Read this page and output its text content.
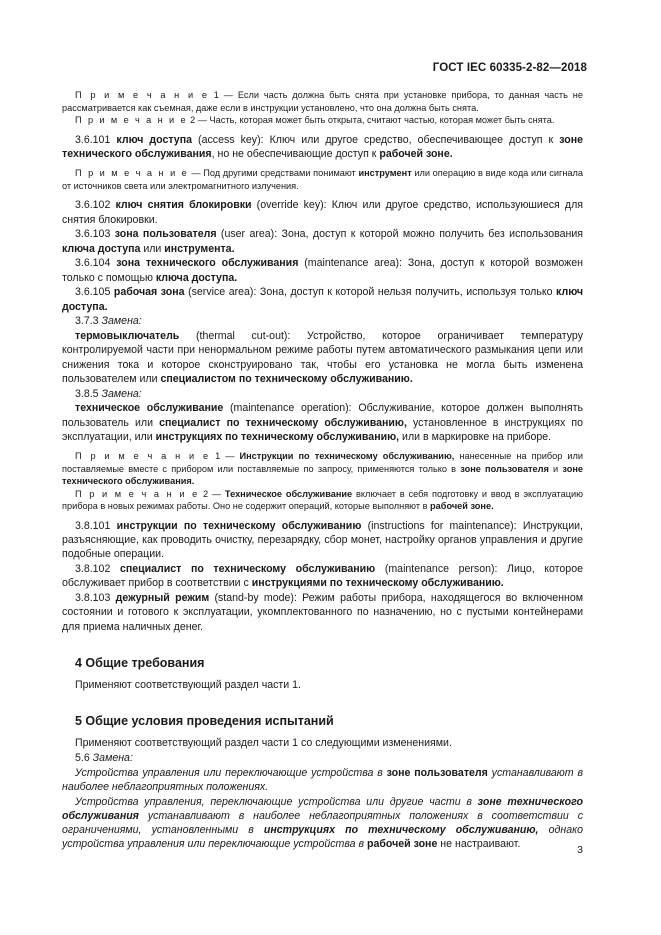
ГОСТ IEC 60335-2-82—2018

П р и м е ч а н и е 1 — Если часть должна быть снята при установке прибора, то данная часть не рассматривается как съемная, даже если в инструкции установлено, что она должна быть снята.

П р и м е ч а н и е 2 — Часть, которая может быть открыта, считают частью, которая может быть снята.

3.6.101 ключ доступа (access key): Ключ или другое средство, обеспечивающее доступ к зоне технического обслуживания, но не обеспечивающие доступ к рабочей зоне.

П р и м е ч а н и е — Под другими средствами понимают инструмент или операцию в виде кода или сигнала от источников света или электромагнитного излучения.

3.6.102 ключ снятия блокировки (override key): Ключ или другое средство, используюшиеся для снятия блокировки.

3.6.103 зона пользователя (user area): Зона, доступ к которой можно получить без использования ключа доступа или инструмента.

3.6.104 зона технического обслуживания (maintenance area): Зона, доступ к которой возможен только с помощью ключа доступа.

3.6.105 рабочая зона (service area): Зона, доступ к которой нельзя получить, используя только ключ доступа.

3.7.3 Замена:

термовыключатель (thermal cut-out): Устройство, которое ограничивает температуру контролируемой части при ненормальном режиме работы путем автоматического размыкания цепи или снижения тока и которое сконструировано так, чтобы его установка не могла быть изменена пользователем или специалистом по техническому обслуживанию.

3.8.5 Замена:

техническое обслуживание (maintenance operation): Обслуживание, которое должен выполнять пользователь или специалист по техническому обслуживанию, установленное в инструкциях по эксплуатации, или инструкциях по техническому обслуживанию, или в маркировке на приборе.

П р и м е ч а н и е 1 — Инструкции по техническому обслуживанию, нанесенные на прибор или поставляемые вместе с прибором или поставляемые по запросу, применяются только в зоне пользователя и зоне технического обслуживания.

П р и м е ч а н и е 2 — Техническое обслуживание включает в себя подготовку и ввод в эксплуатацию прибора в новых режимах работы. Оно не содержит операций, которые выполняют в рабочей зоне.

3.8.101 инструкции по техническому обслуживанию (instructions for maintenance): Инструкции, разъясняющие, как проводить очистку, перезарядку, сбор монет, настройку органов управления и другие подобные операции.

3.8.102 специалист по техническому обслуживанию (maintenance person): Лицо, которое обслуживает прибор в соответствии с инструкциями по техническому обслуживанию.

3.8.103 дежурный режим (stand-by mode): Режим работы прибора, находящегося во включенном состоянии и готового к эксплуатации, укомплектованного по назначению, но с пустыми контейнерами для приема наличных денег.

4 Общие требования

Применяют соответствующий раздел части 1.

5 Общие условия проведения испытаний

Применяют соответствующий раздел части 1 со следующими изменениями.

5.6 Замена:

Устройства управления или переключающие устройства в зоне пользователя устанавливают в наиболее неблагоприятных положениях.

Устройства управления, переключающие устройства или другие части в зоне технического обслуживания устанавливают в наиболее неблагоприятных положениях в соответствии с ограничениями, установленными в инструкциях по техническому обслуживанию, однако устройства управления или переключающие устройства в рабочей зоне не настраивают.	3
